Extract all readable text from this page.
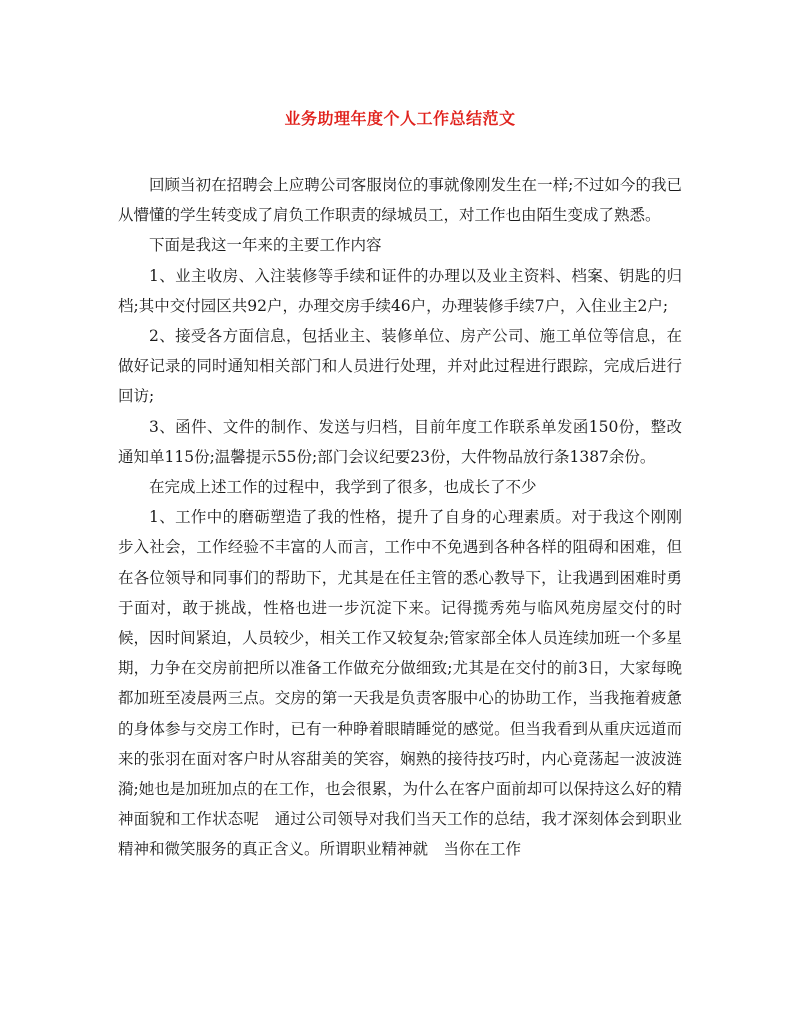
业务助理年度个人工作总结范文

回顾当初在招聘会上应聘公司客服岗位的事就像刚发生在一样;不过如今的我已从懵懂的学生转变成了肩负工作职责的绿城员工，对工作也由陌生变成了熟悉。

下面是我这一年来的主要工作内容

1、业主收房、入注装修等手续和证件的办理以及业主资料、档案、钥匙的归档;其中交付园区共92户，办理交房手续46户，办理装修手续7户，入住业主2户;

2、接受各方面信息，包括业主、装修单位、房产公司、施工单位等信息，在做好记录的同时通知相关部门和人员进行处理，并对此过程进行跟踪，完成后进行回访;

3、函件、文件的制作、发送与归档，目前年度工作联系单发函150份，整改通知单115份;温馨提示55份;部门会议纪要23份，大件物品放行条1387余份。

在完成上述工作的过程中，我学到了很多，也成长了不少

1、工作中的磨砺塑造了我的性格，提升了自身的心理素质。对于我这个刚刚步入社会，工作经验不丰富的人而言，工作中不免遇到各种各样的阻碍和困难，但在各位领导和同事们的帮助下，尤其是在任主管的悉心教导下，让我遇到困难时勇于面对，敢于挑战，性格也进一步沉淀下来。记得揽秀苑与临风苑房屋交付的时候，因时间紧迫，人员较少，相关工作又较复杂;管家部全体人员连续加班一个多星期，力争在交房前把所以准备工作做充分做细致;尤其是在交付的前3日，大家每晚都加班至凌晨两三点。交房的第一天我是负责客服中心的协助工作，当我拖着疲惫的身体参与交房工作时，已有一种睁着眼睛睡觉的感觉。但当我看到从重庆远道而来的张羽在面对客户时从容甜美的笑容，娴熟的接待技巧时，内心竟荡起一波波涟漪;她也是加班加点的在工作，也会很累，为什么在客户面前却可以保持这么好的精神面貌和工作状态呢　通过公司领导对我们当天工作的总结，我才深刻体会到职业精神和微笑服务的真正含义。所谓职业精神就　当你在工作
